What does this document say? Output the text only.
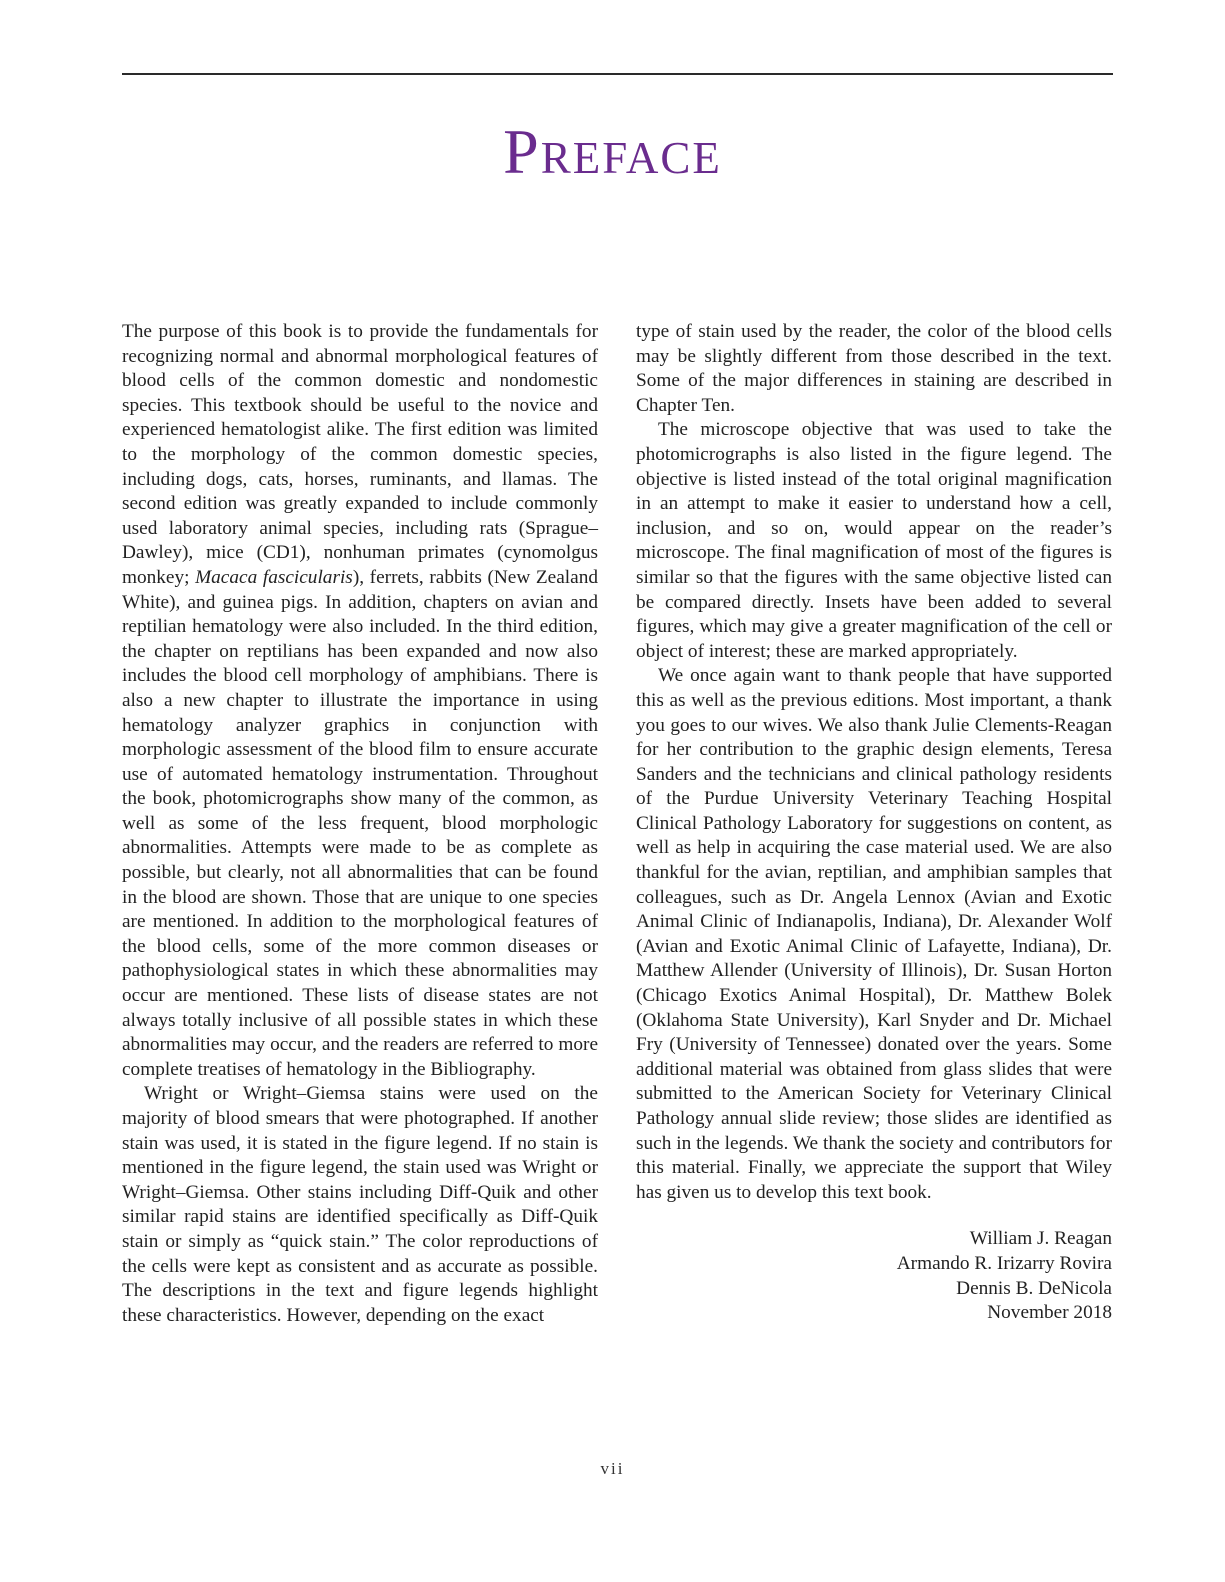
Preface

The purpose of this book is to provide the fundamentals for recognizing normal and abnormal morphological features of blood cells of the common domestic and nondomestic species. This textbook should be useful to the novice and experienced hematologist alike. The first edition was limited to the morphology of the common domestic species, including dogs, cats, horses, ruminants, and llamas. The second edition was greatly expanded to include commonly used laboratory animal species, including rats (Sprague–Dawley), mice (CD1), nonhuman primates (cynomolgus monkey; Macaca fascicularis), ferrets, rabbits (New Zealand White), and guinea pigs. In addition, chapters on avian and reptilian hematology were also included. In the third edition, the chapter on reptilians has been expanded and now also includes the blood cell morphology of amphibians. There is also a new chapter to illustrate the importance in using hematology analyzer graphics in conjunction with morphologic assessment of the blood film to ensure accurate use of automated hematology instrumentation. Throughout the book, photomicrographs show many of the common, as well as some of the less frequent, blood morphologic abnormalities. Attempts were made to be as complete as possible, but clearly, not all abnormalities that can be found in the blood are shown. Those that are unique to one species are mentioned. In addition to the morphological features of the blood cells, some of the more common diseases or pathophysiological states in which these abnormalities may occur are mentioned. These lists of disease states are not always totally inclusive of all possible states in which these abnormalities may occur, and the readers are referred to more complete treatises of hematology in the Bibliography.

Wright or Wright–Giemsa stains were used on the majority of blood smears that were photographed. If another stain was used, it is stated in the figure legend. If no stain is mentioned in the figure legend, the stain used was Wright or Wright–Giemsa. Other stains including Diff-Quik and other similar rapid stains are identified specifically as Diff-Quik stain or simply as “quick stain.” The color reproductions of the cells were kept as consistent and as accurate as possible. The descriptions in the text and figure legends highlight these characteristics. However, depending on the exact

type of stain used by the reader, the color of the blood cells may be slightly different from those described in the text. Some of the major differences in staining are described in Chapter Ten.

The microscope objective that was used to take the photomicrographs is also listed in the figure legend. The objective is listed instead of the total original magnification in an attempt to make it easier to understand how a cell, inclusion, and so on, would appear on the reader’s microscope. The final magnification of most of the figures is similar so that the figures with the same objective listed can be compared directly. Insets have been added to several figures, which may give a greater magnification of the cell or object of interest; these are marked appropriately.

We once again want to thank people that have supported this as well as the previous editions. Most important, a thank you goes to our wives. We also thank Julie Clements-Reagan for her contribution to the graphic design elements, Teresa Sanders and the technicians and clinical pathology residents of the Purdue University Veterinary Teaching Hospital Clinical Pathology Laboratory for suggestions on content, as well as help in acquiring the case material used. We are also thankful for the avian, reptilian, and amphibian samples that colleagues, such as Dr. Angela Lennox (Avian and Exotic Animal Clinic of Indianapolis, Indiana), Dr. Alexander Wolf (Avian and Exotic Animal Clinic of Lafayette, Indiana), Dr. Matthew Allender (University of Illinois), Dr. Susan Horton (Chicago Exotics Animal Hospital), Dr. Matthew Bolek (Oklahoma State University), Karl Snyder and Dr. Michael Fry (University of Tennessee) donated over the years. Some additional material was obtained from glass slides that were submitted to the American Society for Veterinary Clinical Pathology annual slide review; those slides are identified as such in the legends. We thank the society and contributors for this material. Finally, we appreciate the support that Wiley has given us to develop this text book.

William J. Reagan
Armando R. Irizarry Rovira
Dennis B. DeNicola
November 2018
vii
